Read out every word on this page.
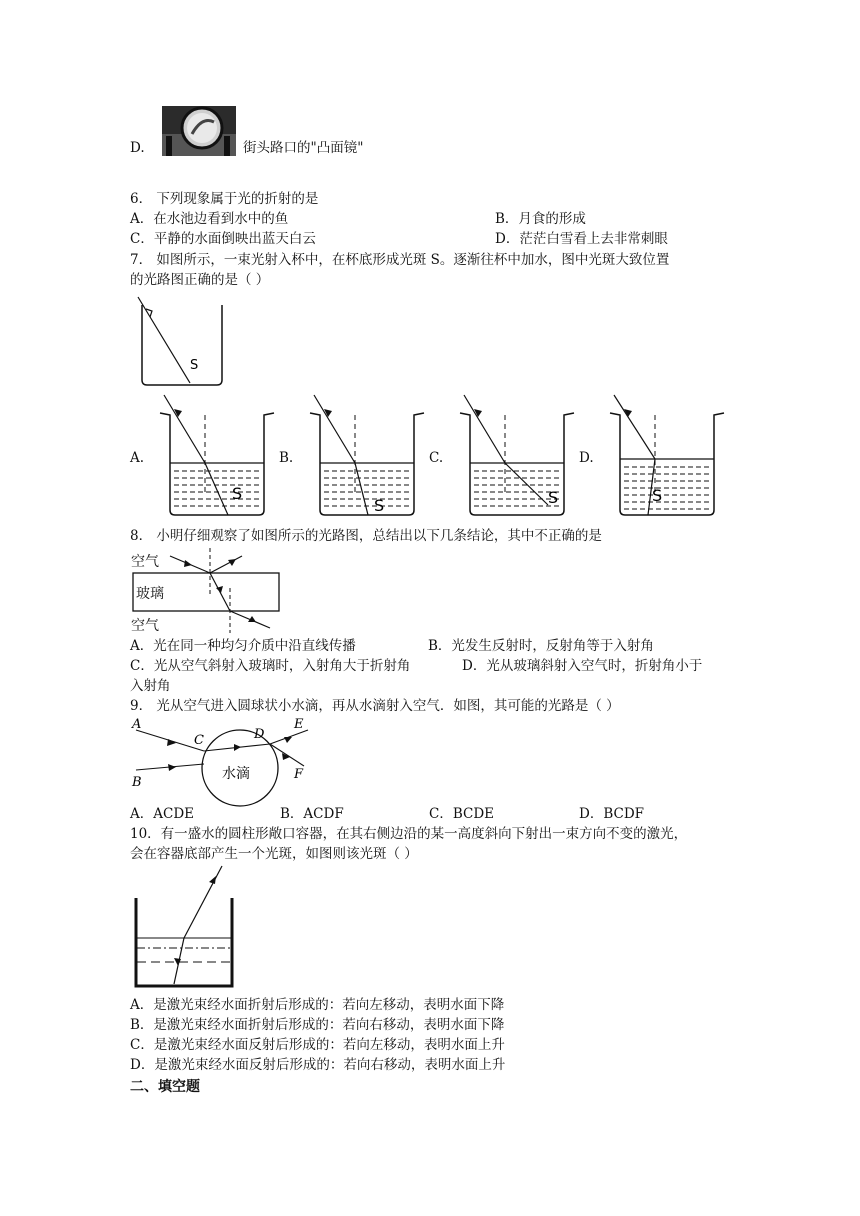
D.	街头路口的"凸面镜"
6． 下列现象属于光的折射的是
A．在水池边看到水中的鱼	B．月食的形成
C．平静的水面倒映出蓝天白云	D．茫茫白雪看上去非常刺眼
7． 如图所示，一束光射入杯中，在杯底形成光斑 S。逐渐往杯中加水，图中光斑大致位置
的光路图正确的是（ ）
S
A.	B.	C.	D.
S
S	S	S
8． 小明仔细观察了如图所示的光路图，总结出以下几条结论，其中不正确的是
空气
玻璃
空气
A．光在同一种均匀介质中沿直线传播	B．光发生反射时，反射角等于入射角
C．光从空气斜射入玻璃时，入射角大于折射角	D．光从玻璃斜射入空气时，折射角小于
入射角
9． 光从空气进入圆球状小水滴，再从水滴射入空气．如图，其可能的光路是（ ）
A
B
C	D
E
F
水滴
A．ACDE	B．ACDF	C．BCDE	D．BCDF
10．有一盛水的圆柱形敞口容器，在其右侧边沿的某一高度斜向下射出一束方向不变的激光，
会在容器底部产生一个光斑，如图则该光斑（ ）
A．是激光束经水面折射后形成的：若向左移动，表明水面下降
B．是激光束经水面折射后形成的：若向右移动，表明水面下降
C．是激光束经水面反射后形成的：若向左移动，表明水面上升
D．是激光束经水面反射后形成的：若向右移动，表明水面上升
二、填空题
